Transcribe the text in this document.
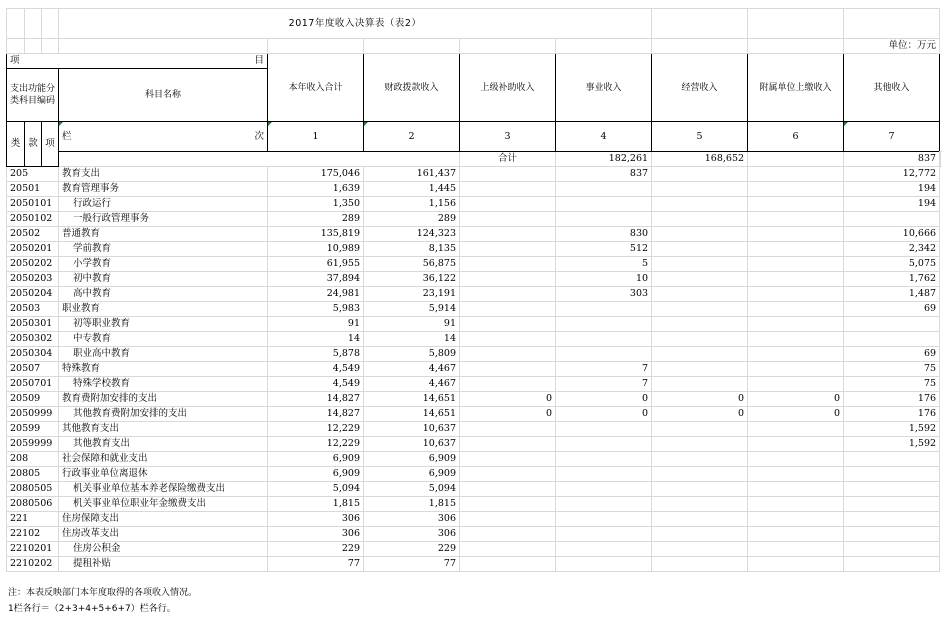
			2017年度收入决算表（表2）								
										单位：万元	

项 目				本年收入合计	财政拨款收入	上级补助收入	事业收入	经营收入	附属单位上缴收入	其他收入	
支出功能分类科目编码			科目名称								
类	款	项	栏 次	1	2	3	4	5	6	7	
						合计	182,261	168,652		837			
205			教育支出	175,046	161,437		837			12,772	
20501			教育管理事务	1,639	1,445					194	
2050101			行政运行	1,350	1,156					194	
2050102			一般行政管理事务	289	289						
20502			普通教育	135,819	124,323		830			10,666	
2050201			学前教育	10,989	8,135		512			2,342	
2050202			小学教育	61,955	56,875		5			5,075	
2050203			初中教育	37,894	36,122		10			1,762	
2050204			高中教育	24,981	23,191		303			1,487	
20503			职业教育	5,983	5,914					69	
2050301			初等职业教育	91	91						
2050302			中专教育	14	14						
2050304			职业高中教育	5,878	5,809					69	
20507			特殊教育	4,549	4,467		7			75	
2050701			特殊学校教育	4,549	4,467		7			75	
20509			教育费附加安排的支出	14,827	14,651	0	0	0	0	176	
2050999			其他教育费附加安排的支出	14,827	14,651	0	0	0	0	176	
20599			其他教育支出	12,229	10,637					1,592	
2059999			其他教育支出	12,229	10,637					1,592	
208			社会保障和就业支出	6,909	6,909						
20805			行政事业单位离退休	6,909	6,909						
2080505			机关事业单位基本养老保险缴费支出	5,094	5,094						
2080506			机关事业单位职业年金缴费支出	1,815	1,815						
221			住房保障支出	306	306						
22102			住房改革支出	306	306						
2210201			住房公积金	229	229						
2210202			提租补贴	77	77						
注：本表反映部门本年度取得的各项收入情况。
1栏各行＝（2+3+4+5+6+7）栏各行。
